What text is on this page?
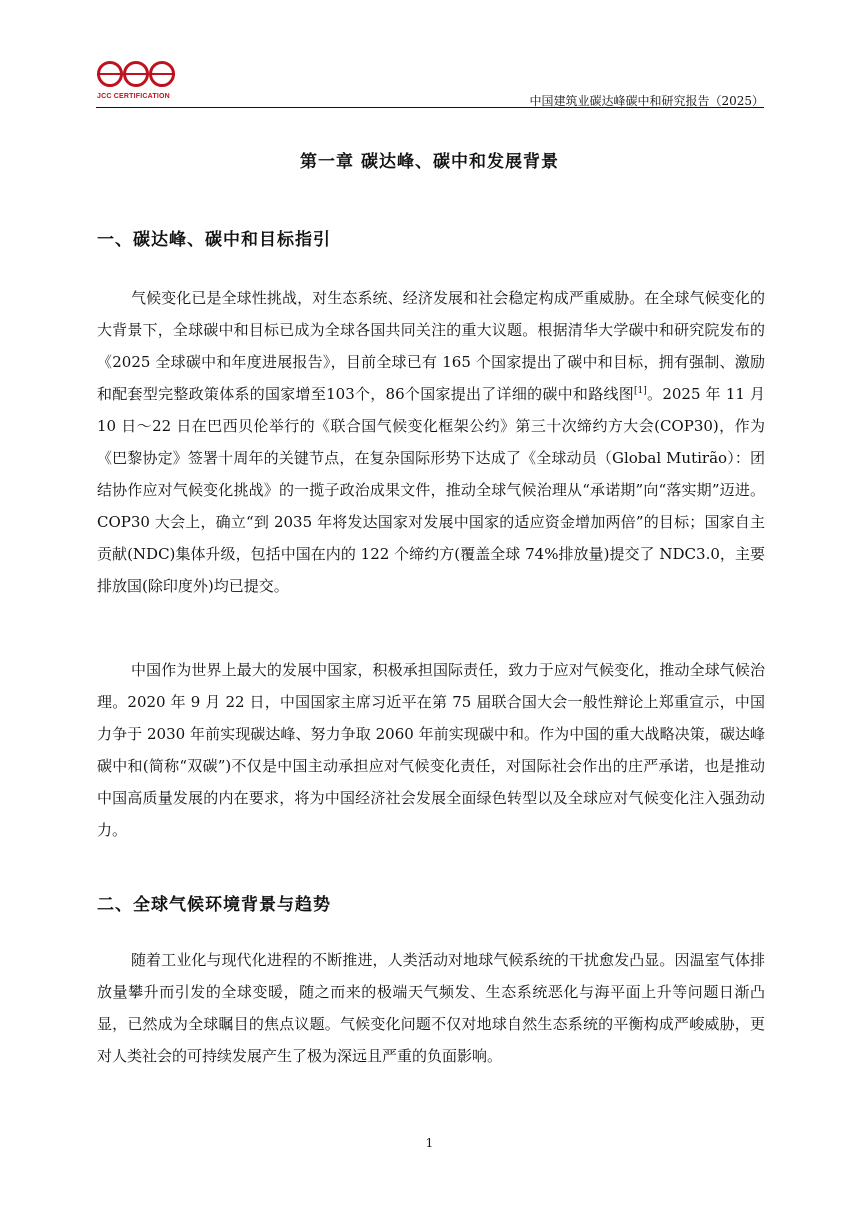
JCC CERTIFICATION	中国建筑业碳达峰碳中和研究报告（2025）
第一章 碳达峰、碳中和发展背景
一、碳达峰、碳中和目标指引

气候变化已是全球性挑战，对生态系统、经济发展和社会稳定构成严重威胁。在全球气候变化的大背景下，全球碳中和目标已成为全球各国共同关注的重大议题。根据清华大学碳中和研究院发布的《2025 全球碳中和年度进展报告》，目前全球已有 165 个国家提出了碳中和目标，拥有强制、激励和配套型完整政策体系的国家增至103个，86个国家提出了详细的碳中和路线图[1]。2025 年 11 月 10 日～22 日在巴西贝伦举行的《联合国气候变化框架公约》第三十次缔约方大会(COP30)，作为《巴黎协定》签署十周年的关键节点，在复杂国际形势下达成了《全球动员（Global Mutirão）：团结协作应对气候变化挑战》的一揽子政治成果文件，推动全球气候治理从“承诺期”向“落实期”迈进。COP30 大会上，确立“到 2035 年将发达国家对发展中国家的适应资金增加两倍”的目标；国家自主贡献(NDC)集体升级，包括中国在内的 122 个缔约方(覆盖全球 74%排放量)提交了 NDC3.0，主要排放国(除印度外)均已提交。

中国作为世界上最大的发展中国家，积极承担国际责任，致力于应对气候变化，推动全球气候治理。2020 年 9 月 22 日，中国国家主席习近平在第 75 届联合国大会一般性辩论上郑重宣示，中国力争于 2030 年前实现碳达峰、努力争取 2060 年前实现碳中和。作为中国的重大战略决策，碳达峰碳中和(简称“双碳”)不仅是中国主动承担应对气候变化责任，对国际社会作出的庄严承诺，也是推动中国高质量发展的内在要求，将为中国经济社会发展全面绿色转型以及全球应对气候变化注入强劲动力。

二、全球气候环境背景与趋势

随着工业化与现代化进程的不断推进，人类活动对地球气候系统的干扰愈发凸显。因温室气体排放量攀升而引发的全球变暖，随之而来的极端天气频发、生态系统恶化与海平面上升等问题日渐凸显，已然成为全球瞩目的焦点议题。气候变化问题不仅对地球自然生态系统的平衡构成严峻威胁，更对人类社会的可持续发展产生了极为深远且严重的负面影响。

1
